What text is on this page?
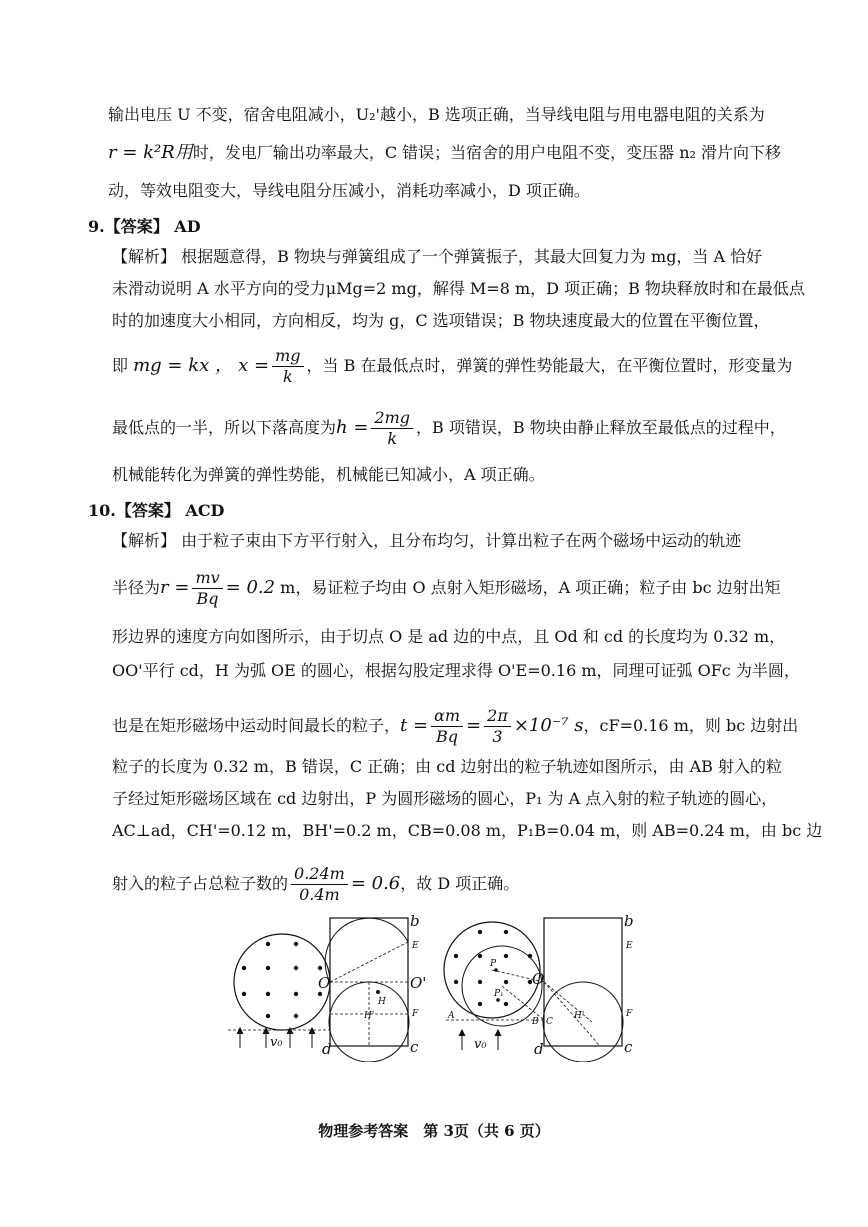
输出电压 U 不变，宿舍电阻减小，U₂'越小，B 选项正确，当导线电阻与用电器电阻的关系为
r = k²R用时，发电厂输出功率最大，C 错误；当宿舍的用户电阻不变，变压器 n₂ 滑片向下移
动，等效电阻变大，导线电阻分压减小，消耗功率减小，D 项正确。
9.【答案】 AD
【解析】 根据题意得，B 物块与弹簧组成了一个弹簧振子，其最大回复力为 mg，当 A 恰好
未滑动说明 A 水平方向的受力μMg=2 mg，解得 M=8 m，D 项正确；B 物块释放时和在最低点
时的加速度大小相同，方向相反，均为 g，C 选项错误；B 物块速度最大的位置在平衡位置，
即 mg = kx ， $x = \frac{mg}{k}$ ，当 B 在最低点时，弹簧的弹性势能最大，在平衡位置时，形变量为
最低点的一半，所以下落高度为$h = \frac{2mg}{k}$ ，B 项错误，B 物块由静止释放至最低点的过程中，
机械能转化为弹簧的弹性势能，机械能已知减小，A 项正确。
10.【答案】 ACD
【解析】 由于粒子束由下方平行射入，且分布均匀，计算出粒子在两个磁场中运动的轨迹
半径为$r = \frac{mv}{Bq} = 0.2$ m，易证粒子均由 O 点射入矩形磁场，A 项正确；粒子由 bc 边射出矩
形边界的速度方向如图所示，由于切点 O 是 ad 边的中点，且 Od 和 cd 的长度均为 0.32 m，
OO'平行 cd，H 为弧 OE 的圆心，根据勾股定理求得 O'E=0.16 m，同理可证弧 OFc 为半圆，
也是在矩形磁场中运动时间最长的粒子，$t = \frac{\alpha m}{Bq} = \frac{2\pi}{3} \times 10^{-7}$ s，cF=0.16 m，则 bc 边射出
粒子的长度为 0.32 m，B 错误，C 正确；由 cd 边射出的粒子轨迹如图所示，由 AB 射入的粒
子经过矩形磁场区域在 cd 边射出，P 为圆形磁场的圆心，P₁ 为 A 点入射的粒子轨迹的圆心，
AC⊥ad，CH'=0.12 m，BH'=0.2 m，CB=0.08 m，P₁B=0.04 m，则 AB=0.24 m，由 bc 边
射入的粒子占总粒子数的 $\frac{0.24m}{0.4m} = 0.6$，故 D 项正确。
O	O'
H
H'
E
F
b
c
d
v₀
O
P
P₁
A
B C
H'
E
F
b
c
d
v₀
物理参考答案　第 3页（共 6 页）
